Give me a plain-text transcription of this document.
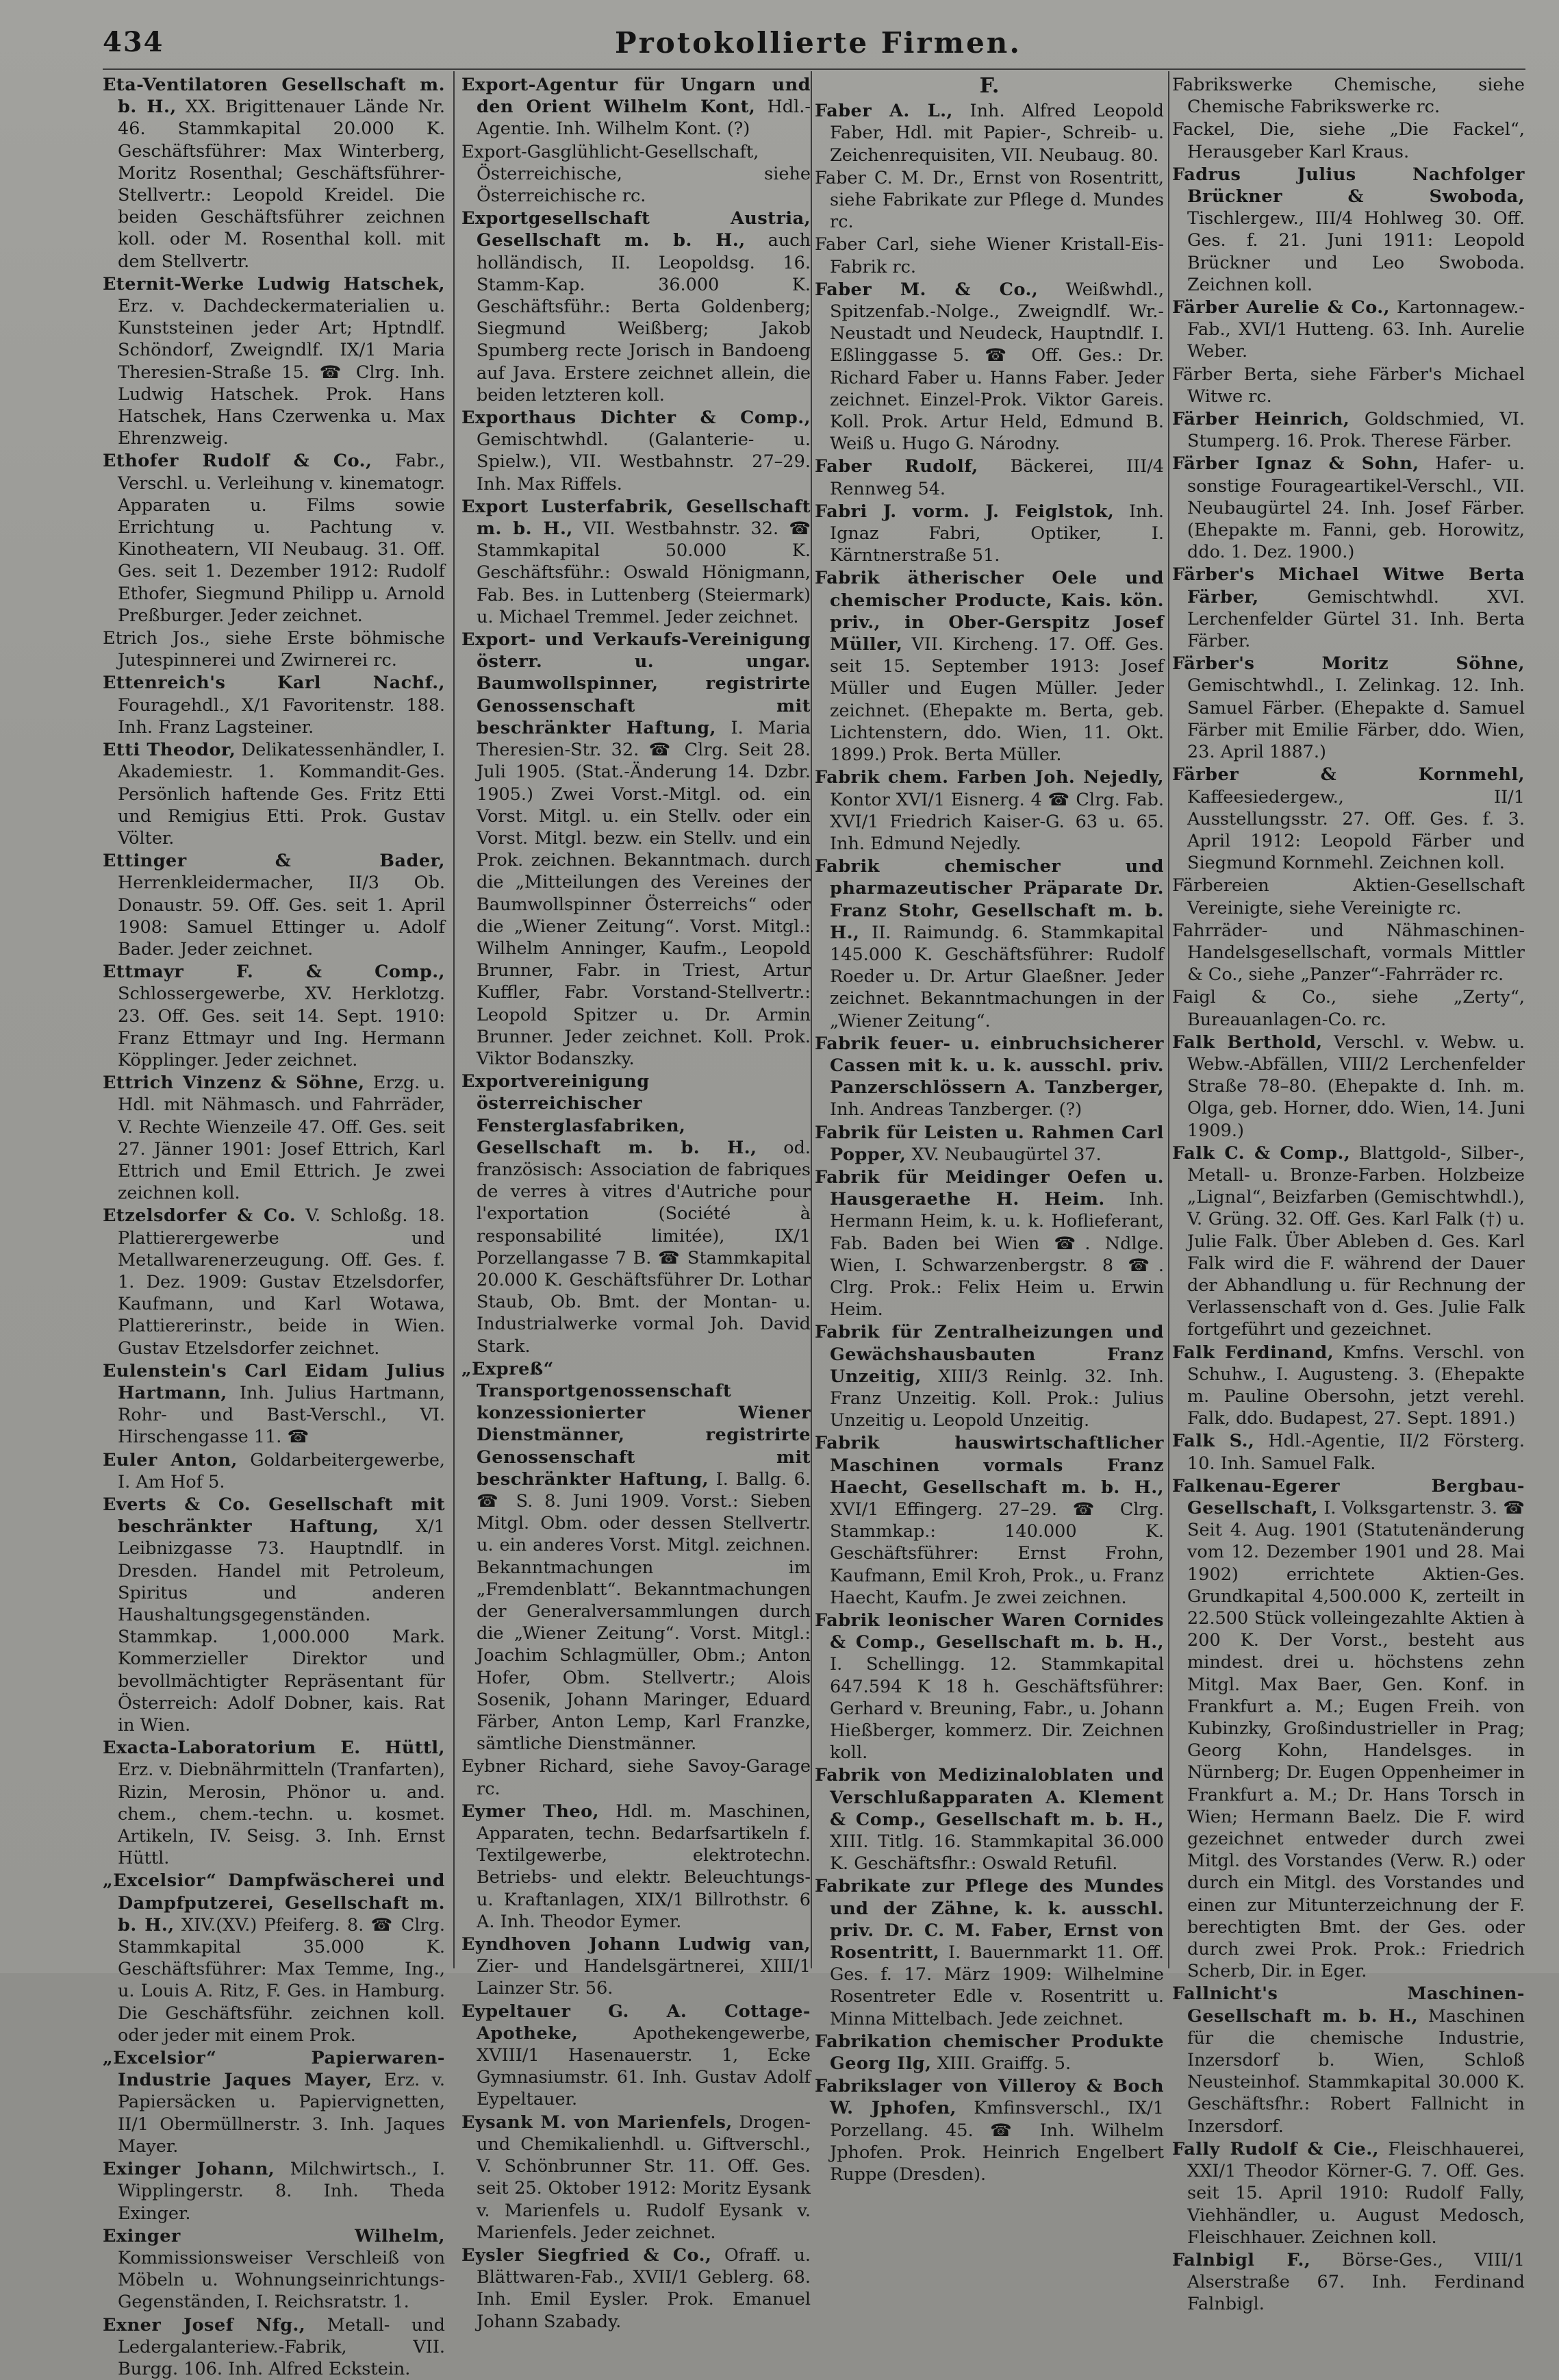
434	Protokollierte Firmen.
Eta-Ventilatoren Gesellschaft m. b. H., XX. Brigittenauer Lände Nr. 46. Stammkapital 20.000 K. Geschäftsführer: Max Winterberg, Moritz Rosenthal; Geschäftsführer-Stellvertr.: Leopold Kreidel. Die beiden Geschäftsführer zeichnen koll. oder M. Rosenthal koll. mit dem Stellvertr.
Eternit-Werke Ludwig Hatschek, Erz. v. Dachdeckermaterialien u. Kunststeinen jeder Art; Hptndlf. Schöndorf, Zweigndlf. IX/1 Maria Theresien-Straße 15. ☎ Clrg. Inh. Ludwig Hatschek. Prok. Hans Hatschek, Hans Czerwenka u. Max Ehrenzweig.
Ethofer Rudolf & Co., Fabr., Verschl. u. Verleihung v. kinematogr. Apparaten u. Films sowie Errichtung u. Pachtung v. Kinotheatern, VII Neubaug. 31. Off. Ges. seit 1. Dezember 1912: Rudolf Ethofer, Siegmund Philipp u. Arnold Preßburger. Jeder zeichnet.
Etrich Jos., siehe Erste böhmische Jutespinnerei und Zwirnerei rc.
Ettenreich's Karl Nachf., Fouragehdl., X/1 Favoritenstr. 188. Inh. Franz Lagsteiner.
Etti Theodor, Delikatessenhändler, I. Akademiestr. 1. Kommandit-Ges. Persönlich haftende Ges. Fritz Etti und Remigius Etti. Prok. Gustav Völter.
Ettinger & Bader, Herrenkleidermacher, II/3 Ob. Donaustr. 59. Off. Ges. seit 1. April 1908: Samuel Ettinger u. Adolf Bader. Jeder zeichnet.
Ettmayr F. & Comp., Schlossergewerbe, XV. Herklotzg. 23. Off. Ges. seit 14. Sept. 1910: Franz Ettmayr und Ing. Hermann Köpplinger. Jeder zeichnet.
Ettrich Vinzenz & Söhne, Erzg. u. Hdl. mit Nähmasch. und Fahrräder, V. Rechte Wienzeile 47. Off. Ges. seit 27. Jänner 1901: Josef Ettrich, Karl Ettrich und Emil Ettrich. Je zwei zeichnen koll.
Etzelsdorfer & Co. V. Schloßg. 18. Plattierergewerbe und Metallwarenerzeugung. Off. Ges. f. 1. Dez. 1909: Gustav Etzelsdorfer, Kaufmann, und Karl Wotawa, Plattiererinstr., beide in Wien. Gustav Etzelsdorfer zeichnet.
Eulenstein's Carl Eidam Julius Hartmann, Inh. Julius Hartmann, Rohr- und Bast-Verschl., VI. Hirschengasse 11. ☎
Euler Anton, Goldarbeitergewerbe, I. Am Hof 5.
Everts & Co. Gesellschaft mit beschränkter Haftung, X/1 Leibnizgasse 73. Hauptndlf. in Dresden. Handel mit Petroleum, Spiritus und anderen Haushaltungsgegenständen. Stammkap. 1,000.000 Mark. Kommerzieller Direktor und bevollmächtigter Repräsentant für Österreich: Adolf Dobner, kais. Rat in Wien.
Exacta-Laboratorium E. Hüttl, Erz. v. Diebnährmitteln (Tranfarten), Rizin, Merosin, Phönor u. and. chem., chem.-techn. u. kosmet. Artikeln, IV. Seisg. 3. Inh. Ernst Hüttl.
„Excelsior“ Dampfwäscherei und Dampfputzerei, Gesellschaft m. b. H., XIV.(XV.) Pfeiferg. 8. ☎ Clrg. Stammkapital 35.000 K. Geschäftsführer: Max Temme, Ing., u. Louis A. Ritz, F. Ges. in Hamburg. Die Geschäftsführ. zeichnen koll. oder jeder mit einem Prok.
„Excelsior“ Papierwaren-Industrie Jaques Mayer, Erz. v. Papiersäcken u. Papiervignetten, II/1 Obermüllnerstr. 3. Inh. Jaques Mayer.
Exinger Johann, Milchwirtsch., I. Wipplingerstr. 8. Inh. Theda Exinger.
Exinger Wilhelm, Kommissionsweiser Verschleiß von Möbeln u. Wohnungseinrichtungs-Gegenständen, I. Reichsratstr. 1.
Exner Josef Nfg., Metall- und Ledergalanteriew.-Fabrik, VII. Burgg. 106. Inh. Alfred Eckstein.
Export-Agentur für Ungarn und den Orient Wilhelm Kont, Hdl.-Agentie. Inh. Wilhelm Kont. (?)
Export-Gasglühlicht-Gesellschaft, Österreichische, siehe Österreichische rc.
Exportgesellschaft Austria, Gesellschaft m. b. H., auch holländisch, II. Leopoldsg. 16. Stamm-Kap. 36.000 K. Geschäftsführ.: Berta Goldenberg; Siegmund Weißberg; Jakob Spumberg recte Jorisch in Bandoeng auf Java. Erstere zeichnet allein, die beiden letzteren koll.
Exporthaus Dichter & Comp., Gemischtwhdl. (Galanterie- u. Spielw.), VII. Westbahnstr. 27–29. Inh. Max Riffels.
Export Lusterfabrik, Gesellschaft m. b. H., VII. Westbahnstr. 32. ☎ Stammkapital 50.000 K. Geschäftsführ.: Oswald Hönigmann, Fab. Bes. in Luttenberg (Steiermark) u. Michael Tremmel. Jeder zeichnet.
Export- und Verkaufs-Vereinigung österr. u. ungar. Baumwollspinner, registrirte Genossenschaft mit beschränkter Haftung, I. Maria Theresien-Str. 32. ☎ Clrg. Seit 28. Juli 1905. (Stat.-Änderung 14. Dzbr. 1905.) Zwei Vorst.-Mitgl. od. ein Vorst. Mitgl. u. ein Stellv. oder ein Vorst. Mitgl. bezw. ein Stellv. und ein Prok. zeichnen. Bekanntmach. durch die „Mitteilungen des Vereines der Baumwollspinner Österreichs“ oder die „Wiener Zeitung“. Vorst. Mitgl.: Wilhelm Anninger, Kaufm., Leopold Brunner, Fabr. in Triest, Artur Kuffler, Fabr. Vorstand-Stellvertr.: Leopold Spitzer u. Dr. Armin Brunner. Jeder zeichnet. Koll. Prok. Viktor Bodanszky.
Exportvereinigung österreichischer Fensterglasfabriken, Gesellschaft m. b. H., od. französisch: Association de fabriques de verres à vitres d'Autriche pour l'exportation (Société à responsabilité limitée), IX/1 Porzellangasse 7 B. ☎ Stammkapital 20.000 K. Geschäftsführer Dr. Lothar Staub, Ob. Bmt. der Montan- u. Industrialwerke vormal Joh. David Stark.
„Expreß“ Transportgenossenschaft konzessionierter Wiener Dienstmänner, registrirte Genossenschaft mit beschränkter Haftung, I. Ballg. 6. ☎ S. 8. Juni 1909. Vorst.: Sieben Mitgl. Obm. oder dessen Stellvertr. u. ein anderes Vorst. Mitgl. zeichnen. Bekanntmachungen im „Fremdenblatt“. Bekanntmachungen der Generalversammlungen durch die „Wiener Zeitung“. Vorst. Mitgl.: Joachim Schlagmüller, Obm.; Anton Hofer, Obm. Stellvertr.; Alois Sosenik, Johann Maringer, Eduard Färber, Anton Lemp, Karl Franzke, sämtliche Dienstmänner.
Eybner Richard, siehe Savoy-Garage rc.
Eymer Theo, Hdl. m. Maschinen, Apparaten, techn. Bedarfsartikeln f. Textilgewerbe, elektrotechn. Betriebs- und elektr. Beleuchtungs- u. Kraftanlagen, XIX/1 Billrothstr. 6 A. Inh. Theodor Eymer.
Eyndhoven Johann Ludwig van, Zier- und Handelsgärtnerei, XIII/1 Lainzer Str. 56.
Eypeltauer G. A. Cottage-Apotheke,	Apothekengewerbe, XVIII/1 Hasenauerstr. 1, Ecke Gymnasiumstr. 61. Inh. Gustav Adolf Eypeltauer.
Eysank M. von Marienfels, Drogen- und Chemikalienhdl. u. Giftverschl., V. Schönbrunner Str. 11. Off. Ges. seit 25. Oktober 1912: Moritz Eysank v. Marienfels u. Rudolf Eysank v. Marienfels. Jeder zeichnet.
Eysler Siegfried & Co., Ofraff. u. Blättwaren-Fab., XVII/1 Geblerg. 68. Inh. Emil Eysler. Prok. Emanuel Johann Szabady.
F.
Faber A. L., Inh. Alfred Leopold Faber, Hdl. mit Papier-, Schreib- u. Zeichenrequisiten, VII. Neubaug. 80.
Faber C. M. Dr., Ernst von Rosentritt, siehe Fabrikate zur Pflege d. Mundes rc.
Faber Carl, siehe Wiener Kristall-Eis-Fabrik rc.
Faber M. & Co., Weißwhdl., Spitzenfab.-Nolge., Zweigndlf. Wr.-Neustadt und Neudeck, Hauptndlf. I. Eßlinggasse 5. ☎ Off. Ges.: Dr. Richard Faber u. Hanns Faber. Jeder zeichnet. Einzel-Prok. Viktor Gareis. Koll. Prok. Artur Held, Edmund B. Weiß u. Hugo G. Národny.
Faber Rudolf, Bäckerei, III/4 Rennweg 54.
Fabri J. vorm. J. Feiglstok, Inh. Ignaz Fabri, Optiker, I. Kärntnerstraße 51.
Fabrik ätherischer Oele und chemischer Producte, Kais. kön. priv., in Ober-Gerspitz Josef Müller, VII. Kircheng. 17. Off. Ges. seit 15. September 1913: Josef Müller und Eugen Müller. Jeder zeichnet. (Ehepakte m. Berta, geb. Lichtenstern, ddo. Wien, 11. Okt. 1899.) Prok. Berta Müller.
Fabrik chem. Farben Joh. Nejedly, Kontor XVI/1 Eisnerg. 4 ☎ Clrg. Fab. XVI/1 Friedrich Kaiser-G. 63 u. 65. Inh. Edmund Nejedly.
Fabrik chemischer und pharmazeutischer Präparate Dr. Franz Stohr, Gesellschaft m. b. H., II. Raimundg. 6. Stammkapital 145.000 K. Geschäftsführer: Rudolf Roeder u. Dr. Artur Glaeßner. Jeder zeichnet. Bekanntmachungen in der „Wiener Zeitung“.
Fabrik feuer- u. einbruchsicherer Cassen mit k. u. k. ausschl. priv. Panzerschlössern A. Tanzberger, Inh. Andreas Tanzberger. (?)
Fabrik für Leisten u. Rahmen Carl Popper, XV. Neubaugürtel 37.
Fabrik für Meidinger Oefen u. Hausgeraethe H. Heim. Inh. Hermann Heim, k. u. k. Hoflieferant, Fab. Baden bei Wien ☎. Ndlge. Wien, I. Schwarzenbergstr. 8 ☎. Clrg. Prok.: Felix Heim u. Erwin Heim.
Fabrik für Zentralheizungen und Gewächshausbauten Franz Unzeitig, XIII/3 Reinlg. 32. Inh. Franz Unzeitig. Koll. Prok.: Julius Unzeitig u. Leopold Unzeitig.
Fabrik hauswirtschaftlicher Maschinen vormals Franz Haecht, Gesellschaft m. b. H., XVI/1 Effingerg. 27–29. ☎ Clrg. Stammkap.: 140.000 K. Geschäftsführer: Ernst Frohn, Kaufmann, Emil Kroh, Prok., u. Franz Haecht, Kaufm. Je zwei zeichnen.
Fabrik leonischer Waren Cornides & Comp., Gesellschaft m. b. H., I. Schellingg. 12. Stammkapital 647.594 K 18 h. Geschäftsführer: Gerhard v. Breuning, Fabr., u. Johann Hießberger, kommerz. Dir. Zeichnen koll.
Fabrik von Medizinaloblaten und Verschlußapparaten A. Klement & Comp., Gesellschaft m. b. H., XIII. Titlg. 16. Stammkapital 36.000 K. Geschäftsfhr.: Oswald Retufil.
Fabrikate zur Pflege des Mundes und der Zähne, k. k. ausschl. priv. Dr. C. M. Faber, Ernst von Rosentritt, I. Bauernmarkt 11. Off. Ges. f. 17. März 1909: Wilhelmine Rosentreter Edle v. Rosentritt u. Minna Mittelbach. Jede zeichnet.
Fabrikation chemischer Produkte Georg Ilg, XIII. Graiffg. 5.
Fabrikslager von Villeroy & Boch W. Jphofen, Kmfinsverschl., IX/1 Porzellang. 45. ☎ Inh. Wilhelm Jphofen. Prok. Heinrich Engelbert Ruppe (Dresden).
Fabrikswerke Chemische, siehe Chemische Fabrikswerke rc.
Fackel, Die, siehe „Die Fackel“, Herausgeber Karl Kraus.
Fadrus Julius Nachfolger Brückner & Swoboda, Tischlergew., III/4 Hohlweg 30. Off. Ges. f. 21. Juni 1911: Leopold Brückner und Leo Swoboda. Zeichnen koll.
Färber Aurelie & Co., Kartonnagew.-Fab., XVI/1 Hutteng. 63. Inh. Aurelie Weber.
Färber Berta, siehe Färber's Michael Witwe rc.
Färber Heinrich, Goldschmied, VI. Stumperg. 16. Prok. Therese Färber.
Färber Ignaz & Sohn, Hafer- u. sonstige Fourageartikel-Verschl., VII. Neubaugürtel 24. Inh. Josef Färber. (Ehepakte m. Fanni, geb. Horowitz, ddo. 1. Dez. 1900.)
Färber's Michael Witwe Berta Färber,	Gemischtwhdl. XVI. Lerchenfelder Gürtel 31. Inh. Berta Färber.
Färber's Moritz Söhne, Gemischtwhdl., I. Zelinkag. 12. Inh. Samuel Färber. (Ehepakte d. Samuel Färber mit Emilie Färber, ddo. Wien, 23. April 1887.)
Färber & Kornmehl, Kaffeesiedergew., II/1 Ausstellungsstr. 27. Off. Ges. f. 3. April 1912: Leopold Färber und Siegmund Kornmehl. Zeichnen koll.
Färbereien Aktien-Gesellschaft Vereinigte, siehe Vereinigte rc.
Fahrräder- und Nähmaschinen-Handelsgesellschaft, vormals Mittler & Co., siehe „Panzer“-Fahrräder rc.
Faigl & Co., siehe „Zerty“, Bureauanlagen-Co. rc.
Falk Berthold, Verschl. v. Webw. u. Webw.-Abfällen, VIII/2 Lerchenfelder Straße 78–80. (Ehepakte d. Inh. m. Olga, geb. Horner, ddo. Wien, 14. Juni 1909.)
Falk C. & Comp., Blattgold-, Silber-, Metall- u. Bronze-Farben. Holzbeize „Lignal“, Beizfarben (Gemischtwhdl.), V. Grüng. 32. Off. Ges. Karl Falk (†) u. Julie Falk. Über Ableben d. Ges. Karl Falk wird die F. während der Dauer der Abhandlung u. für Rechnung der Verlassenschaft von d. Ges. Julie Falk fortgeführt und gezeichnet.
Falk Ferdinand, Kmfns. Verschl. von Schuhw., I. Augusteng. 3. (Ehepakte m. Pauline Obersohn, jetzt verehl. Falk, ddo. Budapest, 27. Sept. 1891.)
Falk S., Hdl.-Agentie, II/2 Försterg. 10. Inh. Samuel Falk.
Falkenau-Egerer Bergbau-Gesellschaft, I. Volksgartenstr. 3. ☎ Seit 4. Aug. 1901 (Statutenänderung vom 12. Dezember 1901 und 28. Mai 1902) errichtete Aktien-Ges. Grundkapital 4,500.000 K, zerteilt in 22.500 Stück volleingezahlte Aktien à 200 K. Der Vorst., besteht aus mindest. drei u. höchstens zehn Mitgl. Max Baer, Gen. Konf. in Frankfurt a. M.; Eugen Freih. von Kubinzky, Großindustrieller in Prag; Georg Kohn, Handelsges. in Nürnberg; Dr. Eugen Oppenheimer in Frankfurt a. M.; Dr. Hans Torsch in Wien; Hermann Baelz. Die F. wird gezeichnet entweder durch zwei Mitgl. des Vorstandes (Verw. R.) oder durch ein Mitgl. des Vorstandes und einen zur Mitunterzeichnung der F. berechtigten Bmt. der Ges. oder durch zwei Prok. Prok.: Friedrich Scherb, Dir. in Eger.
Fallnicht's Maschinen-Gesellschaft m. b. H., Maschinen für die chemische Industrie, Inzersdorf b. Wien, Schloß Neusteinhof. Stammkapital 30.000 K. Geschäftsfhr.: Robert Fallnicht in Inzersdorf.
Fally Rudolf & Cie., Fleischhauerei, XXI/1 Theodor Körner-G. 7. Off. Ges. seit 15. April 1910: Rudolf Fally, Viehhändler, u. August Medosch, Fleischhauer. Zeichnen koll.
Falnbigl F., Börse-Ges., VIII/1 Alserstraße 67. Inh. Ferdinand Falnbigl.
